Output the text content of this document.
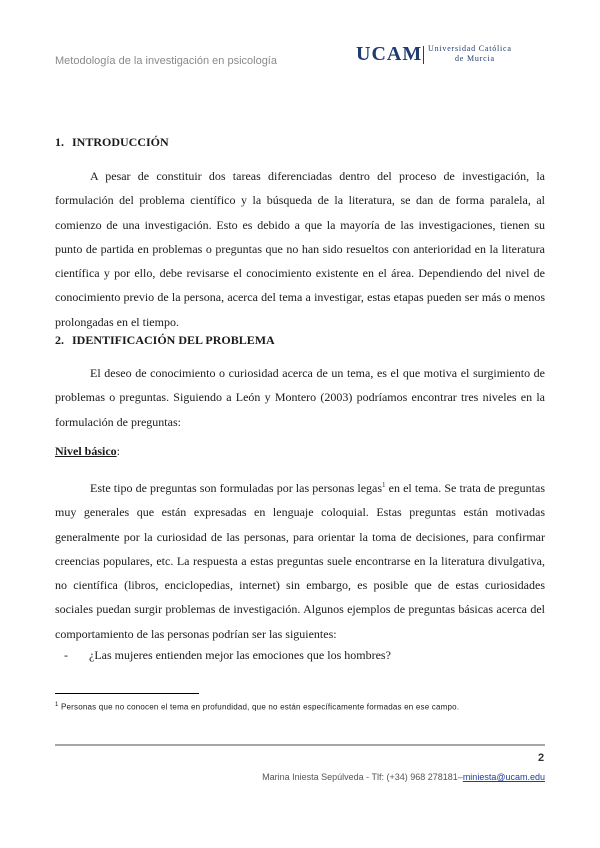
Metodología de la investigación en psicología	UCAM Universidad Católica
de Murcia
1. INTRODUCCIÓN
A pesar de constituir dos tareas diferenciadas dentro del proceso de investigación, la formulación del problema científico y la búsqueda de la literatura, se dan de forma paralela, al comienzo de una investigación. Esto es debido a que la mayoría de las investigaciones, tienen su punto de partida en problemas o preguntas que no han sido resueltos con anterioridad en la literatura científica y por ello, debe revisarse el conocimiento existente en el área. Dependiendo del nivel de conocimiento previo de la persona, acerca del tema a investigar, estas etapas pueden ser más o menos prolongadas en el tiempo.
2. IDENTIFICACIÓN DEL PROBLEMA
El deseo de conocimiento o curiosidad acerca de un tema, es el que motiva el surgimiento de problemas o preguntas. Siguiendo a León y Montero (2003) podríamos encontrar tres niveles en la formulación de preguntas:
Nivel básico:
Este tipo de preguntas son formuladas por las personas legas$^1$ en el tema. Se trata de preguntas muy generales que están expresadas en lenguaje coloquial. Estas preguntas están motivadas generalmente por la curiosidad de las personas, para orientar la toma de decisiones, para confirmar creencias populares, etc. La respuesta a estas preguntas suele encontrarse en la literatura divulgativa, no científica (libros, enciclopedias, internet) sin embargo, es posible que de estas curiosidades sociales puedan surgir problemas de investigación. Algunos ejemplos de preguntas básicas acerca del comportamiento de las personas podrían ser las siguientes:
- ¿Las mujeres entienden mejor las emociones que los hombres?
$^1$ Personas que no conocen el tema en profundidad, que no están específicamente formadas en ese campo.
2
Marina Iniesta Sepúlveda - Tlf: (+34) 968 278181–miniesta@ucam.edu
